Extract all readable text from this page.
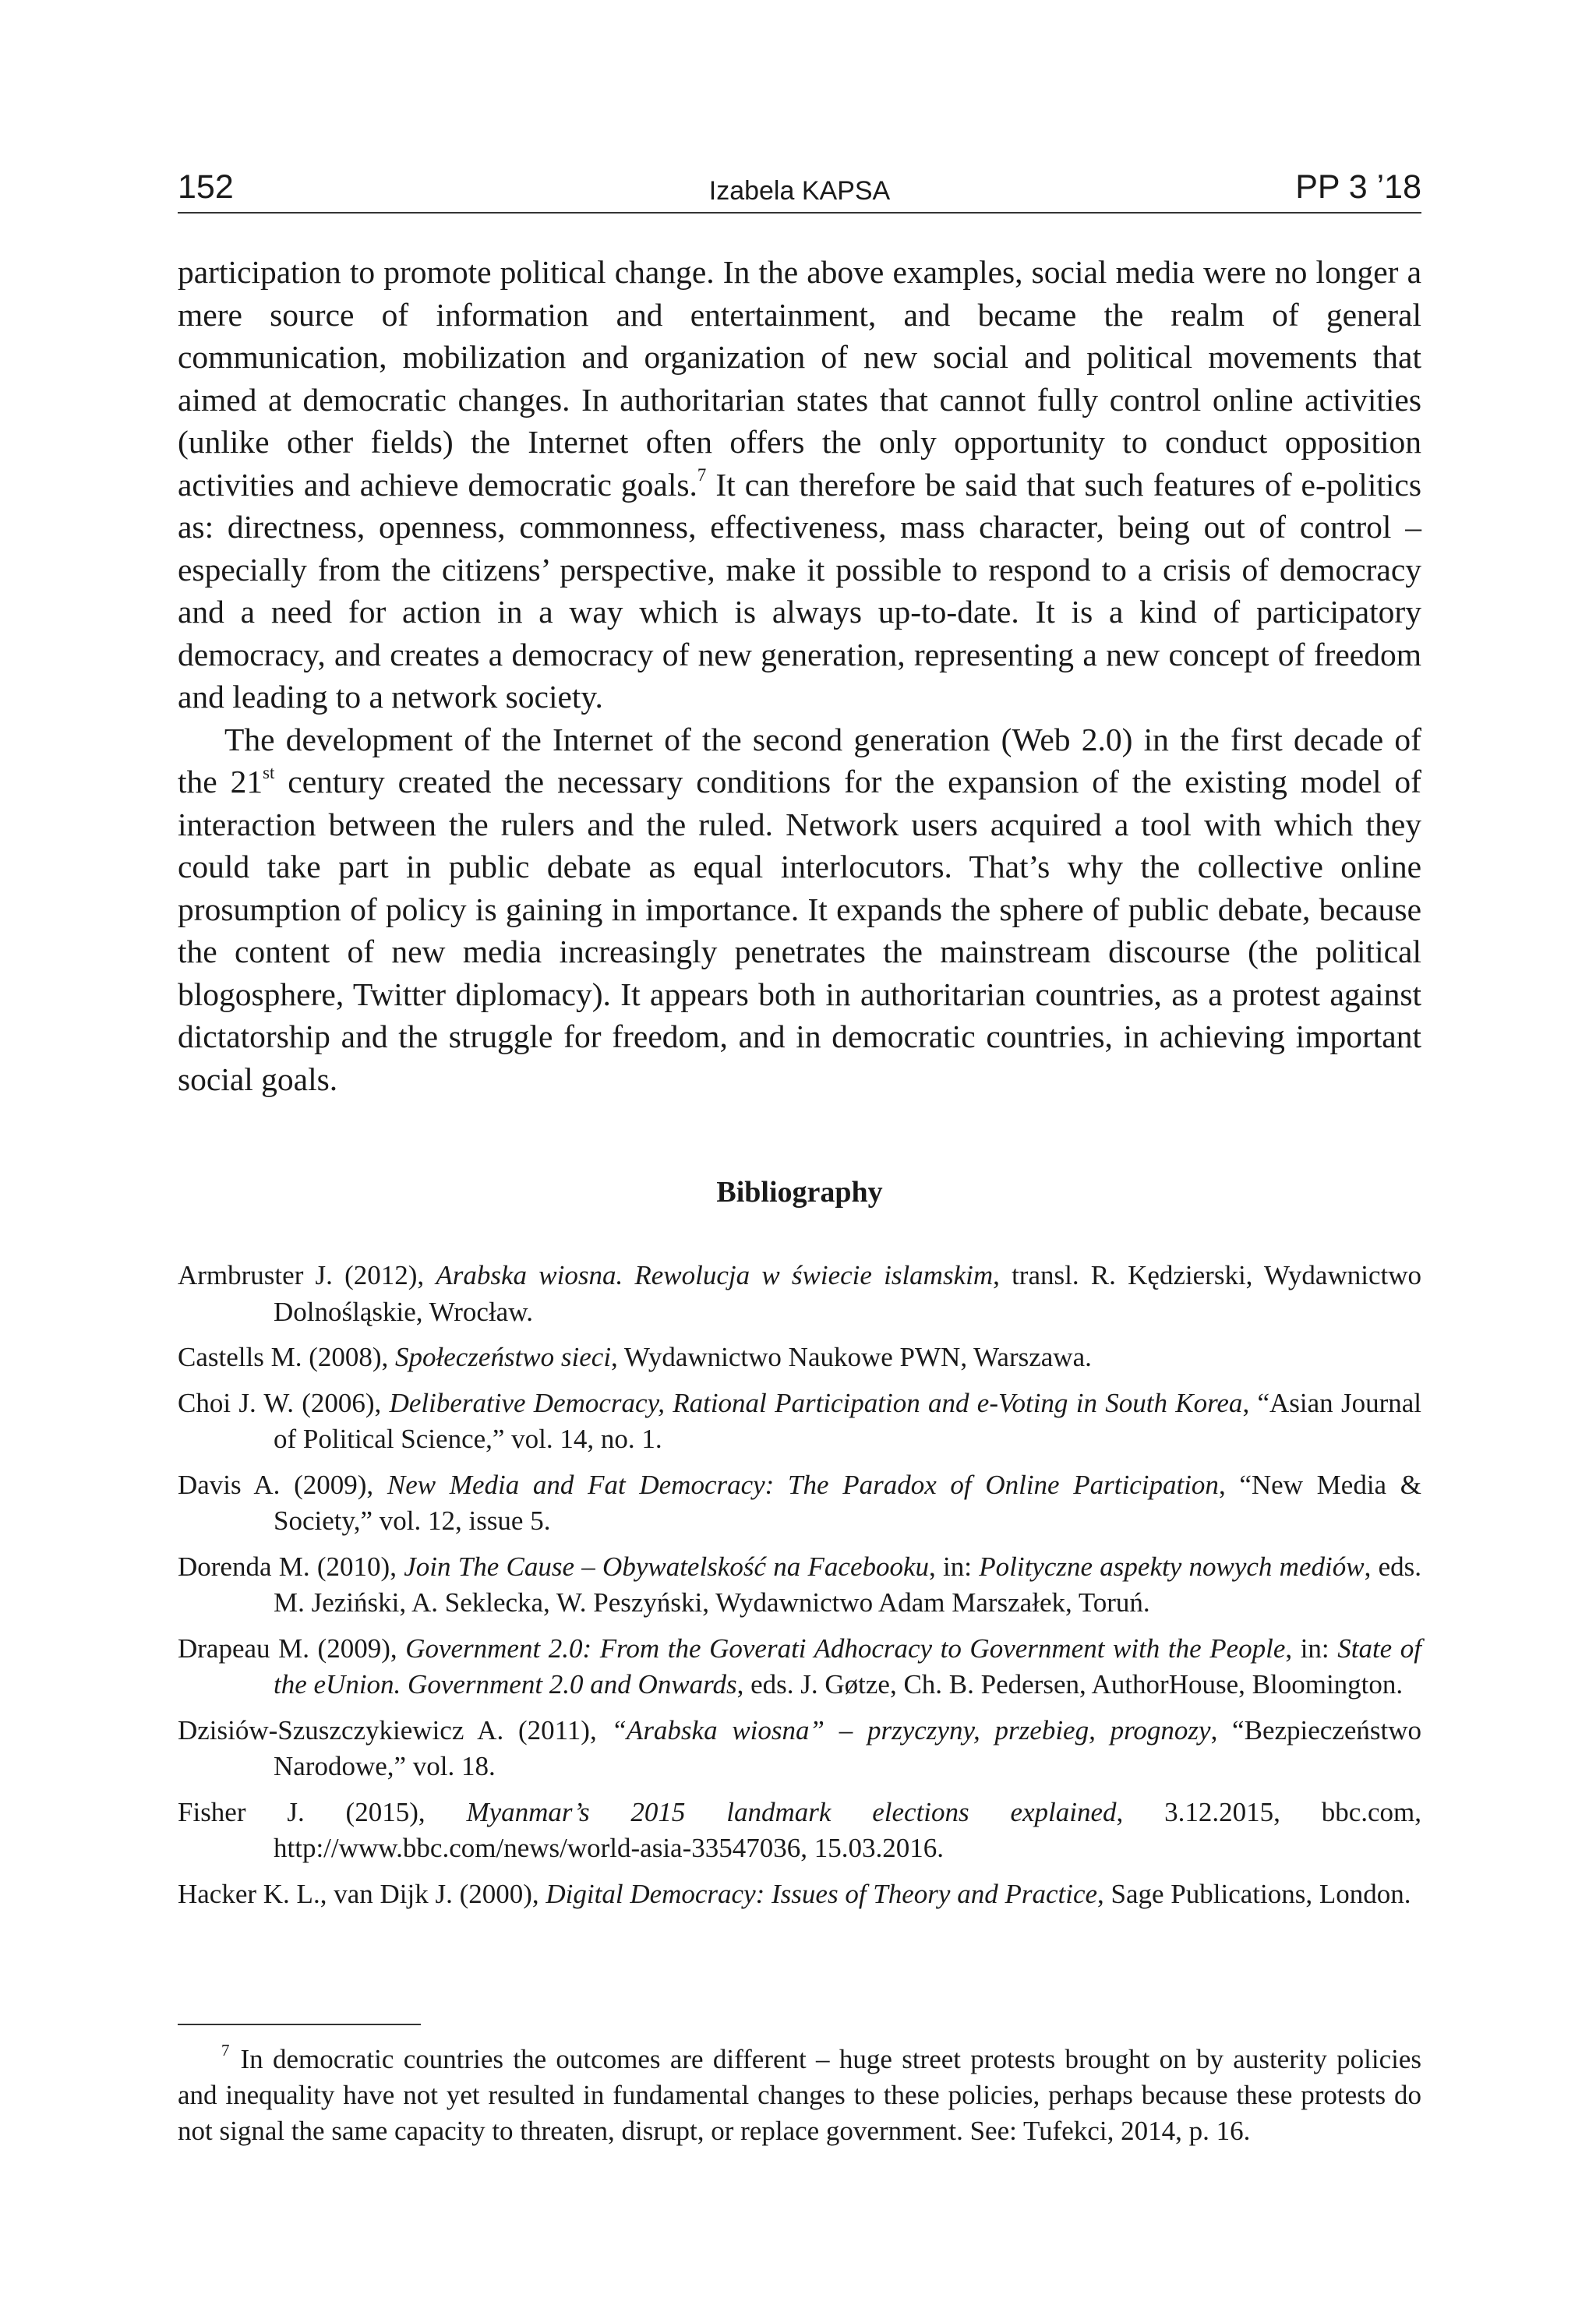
152	Izabela KAPSA	PP 3 ’18

participation to promote political change. In the above examples, social media were no longer a mere source of information and entertainment, and became the realm of general communication, mobilization and organization of new social and political movements that aimed at democratic changes. In authoritarian states that cannot fully control online activities (unlike other fields) the Internet often offers the only opportunity to conduct opposition activities and achieve democratic goals.$^7$ It can therefore be said that such features of e-politics as: directness, openness, commonness, effectiveness, mass character, being out of control – especially from the citizens’ perspective, make it possible to respond to a crisis of democracy and a need for action in a way which is always up-to-date. It is a kind of participatory democracy, and creates a democracy of new generation, representing a new concept of freedom and leading to a network society.

The development of the Internet of the second generation (Web 2.0) in the first decade of the 21st century created the necessary conditions for the expansion of the existing model of interaction between the rulers and the ruled. Network users acquired a tool with which they could take part in public debate as equal interlocutors. That’s why the collective online prosumption of policy is gaining in importance. It expands the sphere of public debate, because the content of new media increasingly penetrates the mainstream discourse (the political blogosphere, Twitter diplomacy). It appears both in authoritarian countries, as a protest against dictatorship and the struggle for freedom, and in democratic countries, in achieving important social goals.

Bibliography
Armbruster J. (2012), Arabska wiosna. Rewolucja w świecie islamskim, transl. R. Kędzierski, Wydawnictwo Dolnośląskie, Wrocław.
Castells M. (2008), Społeczeństwo sieci, Wydawnictwo Naukowe PWN, Warszawa.
Choi J. W. (2006), Deliberative Democracy, Rational Participation and e-Voting in South Korea, “Asian Journal of Political Science,” vol. 14, no. 1.
Davis A. (2009), New Media and Fat Democracy: The Paradox of Online Participation, “New Media & Society,” vol. 12, issue 5.
Dorenda M. (2010), Join The Cause – Obywatelskość na Facebooku, in: Polityczne aspekty nowych mediów, eds. M. Jeziński, A. Seklecka, W. Peszyński, Wydawnictwo Adam Marszałek, Toruń.
Drapeau M. (2009), Government 2.0: From the Goverati Adhocracy to Government with the People, in: State of the eUnion. Government 2.0 and Onwards, eds. J. Gøtze, Ch. B. Pedersen, AuthorHouse, Bloomington.
Dzisiów-Szuszczykiewicz A. (2011), “Arabska wiosna” – przyczyny, przebieg, prognozy, “Bezpieczeństwo Narodowe,” vol. 18.
Fisher J. (2015), Myanmar’s 2015 landmark elections explained, 3.12.2015, bbc.com, http://www.bbc.com/news/world-asia-33547036, 15.03.2016.
Hacker K. L., van Dijk J. (2000), Digital Democracy: Issues of Theory and Practice, Sage Publications, London.
$^7$ In democratic countries the outcomes are different – huge street protests brought on by austerity policies and inequality have not yet resulted in fundamental changes to these policies, perhaps because these protests do not signal the same capacity to threaten, disrupt, or replace government. See: Tufekci, 2014, p. 16.
